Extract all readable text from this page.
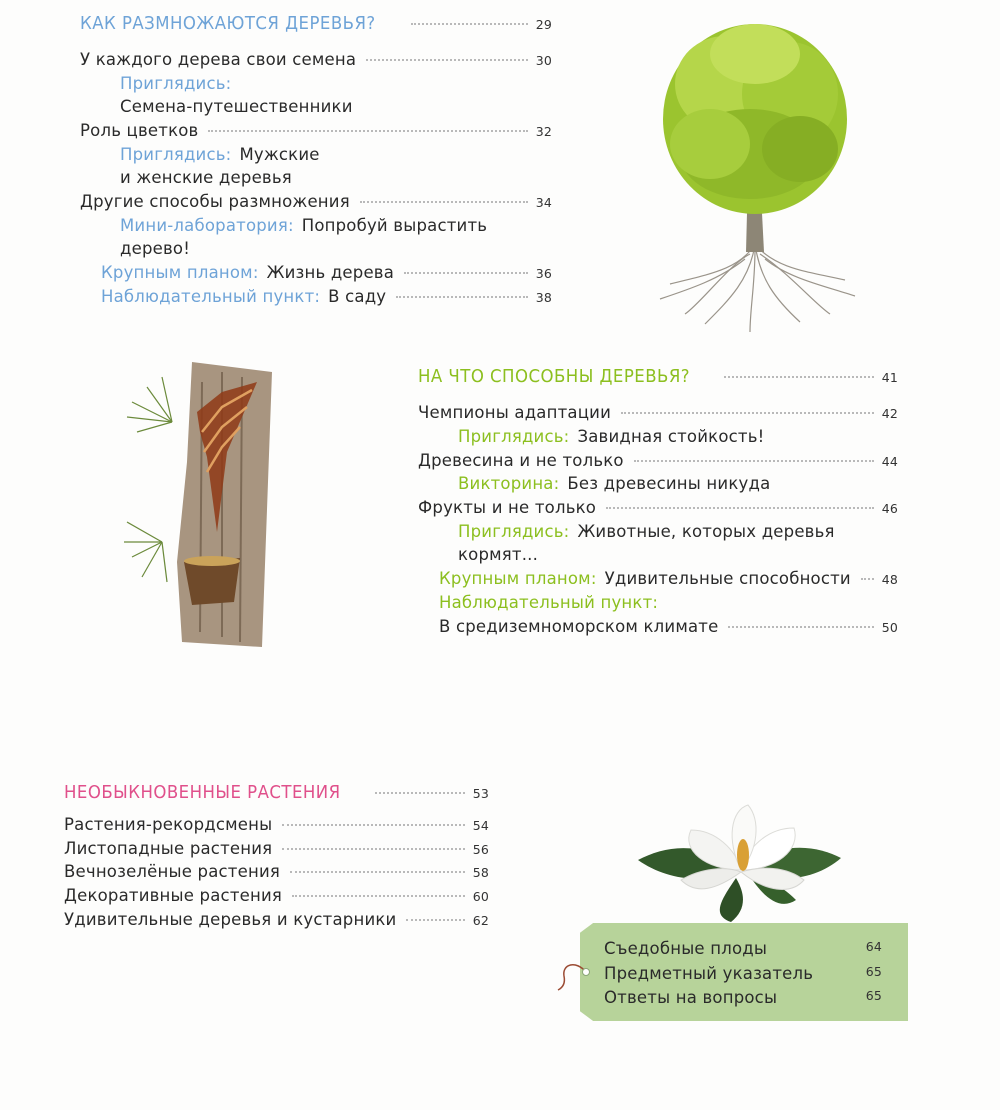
КАК РАЗМНОЖАЮТСЯ ДЕРЕВЬЯ?	29
У каждого дерева свои семена	30
Приглядись:
Семена-путешественники
Роль цветков	32
Приглядись: Мужские
и женские деревья
Другие способы размножения	34
Мини-лаборатория: Попробуй вырастить
дерево!
Крупным планом: Жизнь дерева	36
Наблюдательный пункт: В саду	38
НА ЧТО СПОСОБНЫ ДЕРЕВЬЯ?	41
Чемпионы адаптации	42
Приглядись: Завидная стойкость!
Древесина и не только	44
Викторина: Без древесины никуда
Фрукты и не только	46
Приглядись: Животные, которых деревья
кормят...
Крупным планом: Удивительные способности 48
Наблюдательный пункт:
В средиземноморском климате	50
НЕОБЫКНОВЕННЫЕ РАСТЕНИЯ	53
Растения-рекордсмены	54
Листопадные растения	56
Вечнозелёные растения	58
Декоративные растения	60
Удивительные деревья и кустарники	62
Съедобные плоды	64
Предметный указатель	65
Ответы на вопросы	65
